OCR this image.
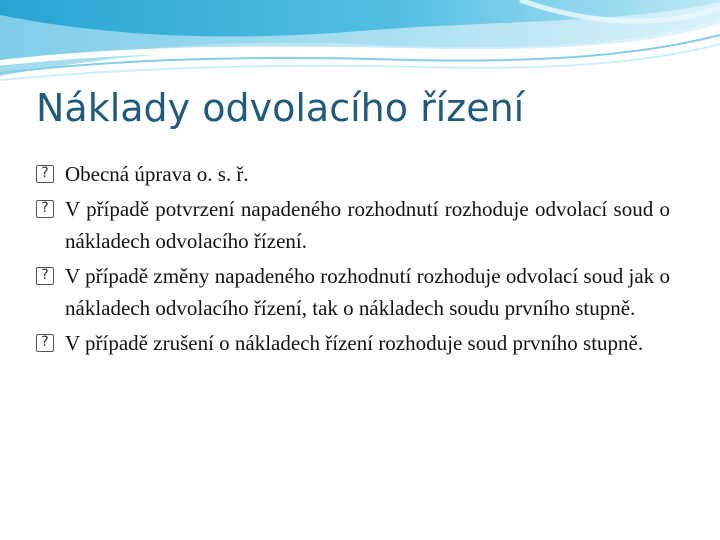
Náklady odvolacího řízení
? Obecná úprava o. s. ř.
? V případě potvrzení napadeného rozhodnutí rozhoduje odvolací soud o nákladech odvolacího řízení.
? V případě změny napadeného rozhodnutí rozhoduje odvolací soud jak o nákladech odvolacího řízení, tak o nákladech soudu prvního stupně.
? V případě zrušení o nákladech řízení rozhoduje soud prvního stupně.
